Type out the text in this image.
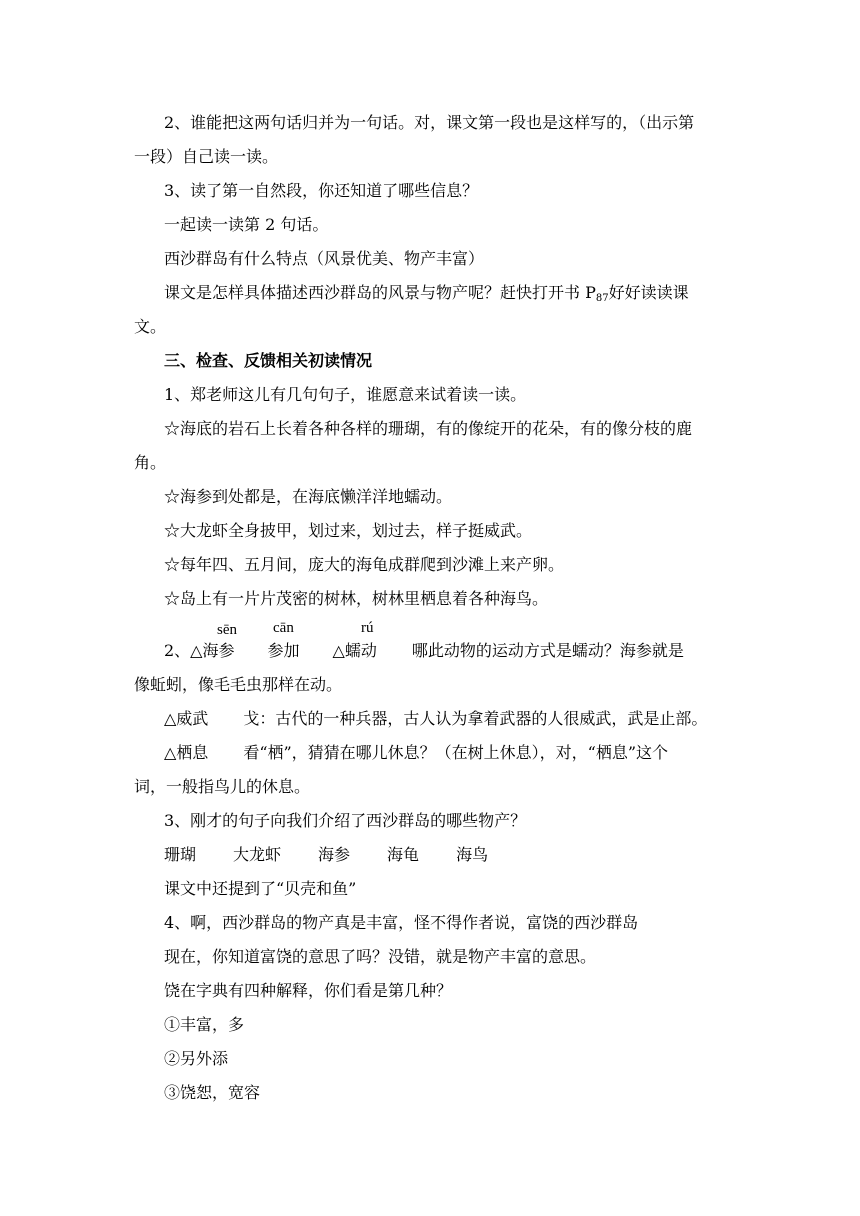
2、谁能把这两句话归并为一句话。对，课文第一段也是这样写的，（出示第
一段）自己读一读。
3、读了第一自然段，你还知道了哪些信息？
一起读一读第 2 句话。
西沙群岛有什么特点（风景优美、物产丰富）
课文是怎样具体描述西沙群岛的风景与物产呢？赶快打开书 $P_{87}$好好读读课
文。
三、检查、反馈相关初读情况
1、郑老师这儿有几句句子，谁愿意来试着读一读。
☆海底的岩石上长着各种各样的珊瑚，有的像绽开的花朵，有的像分枝的鹿
角。
☆海参到处都是，在海底懒洋洋地蠕动。
☆大龙虾全身披甲，划过来，划过去，样子挺威武。
☆每年四、五月间，庞大的海龟成群爬到沙滩上来产卵。
☆岛上有一片片茂密的树林，树林里栖息着各种海鸟。
sēn cān	rú
2、△海参 参加 △蠕动 哪此动物的运动方式是蠕动？海参就是
像蚯蚓，像毛毛虫那样在动。
△威武 戈：古代的一种兵器，古人认为拿着武器的人很威武，武是止部。
△栖息 看“栖”，猜猜在哪儿休息？（在树上休息），对，“栖息”这个
词，一般指鸟儿的休息。
3、刚才的句子向我们介绍了西沙群岛的哪些物产？
珊瑚 大龙虾 海参 海龟 海鸟
课文中还提到了“贝壳和鱼”
4、啊，西沙群岛的物产真是丰富，怪不得作者说，富饶的西沙群岛
现在，你知道富饶的意思了吗？没错，就是物产丰富的意思。
饶在字典有四种解释，你们看是第几种？
①丰富，多
②另外添
③饶恕，宽容
